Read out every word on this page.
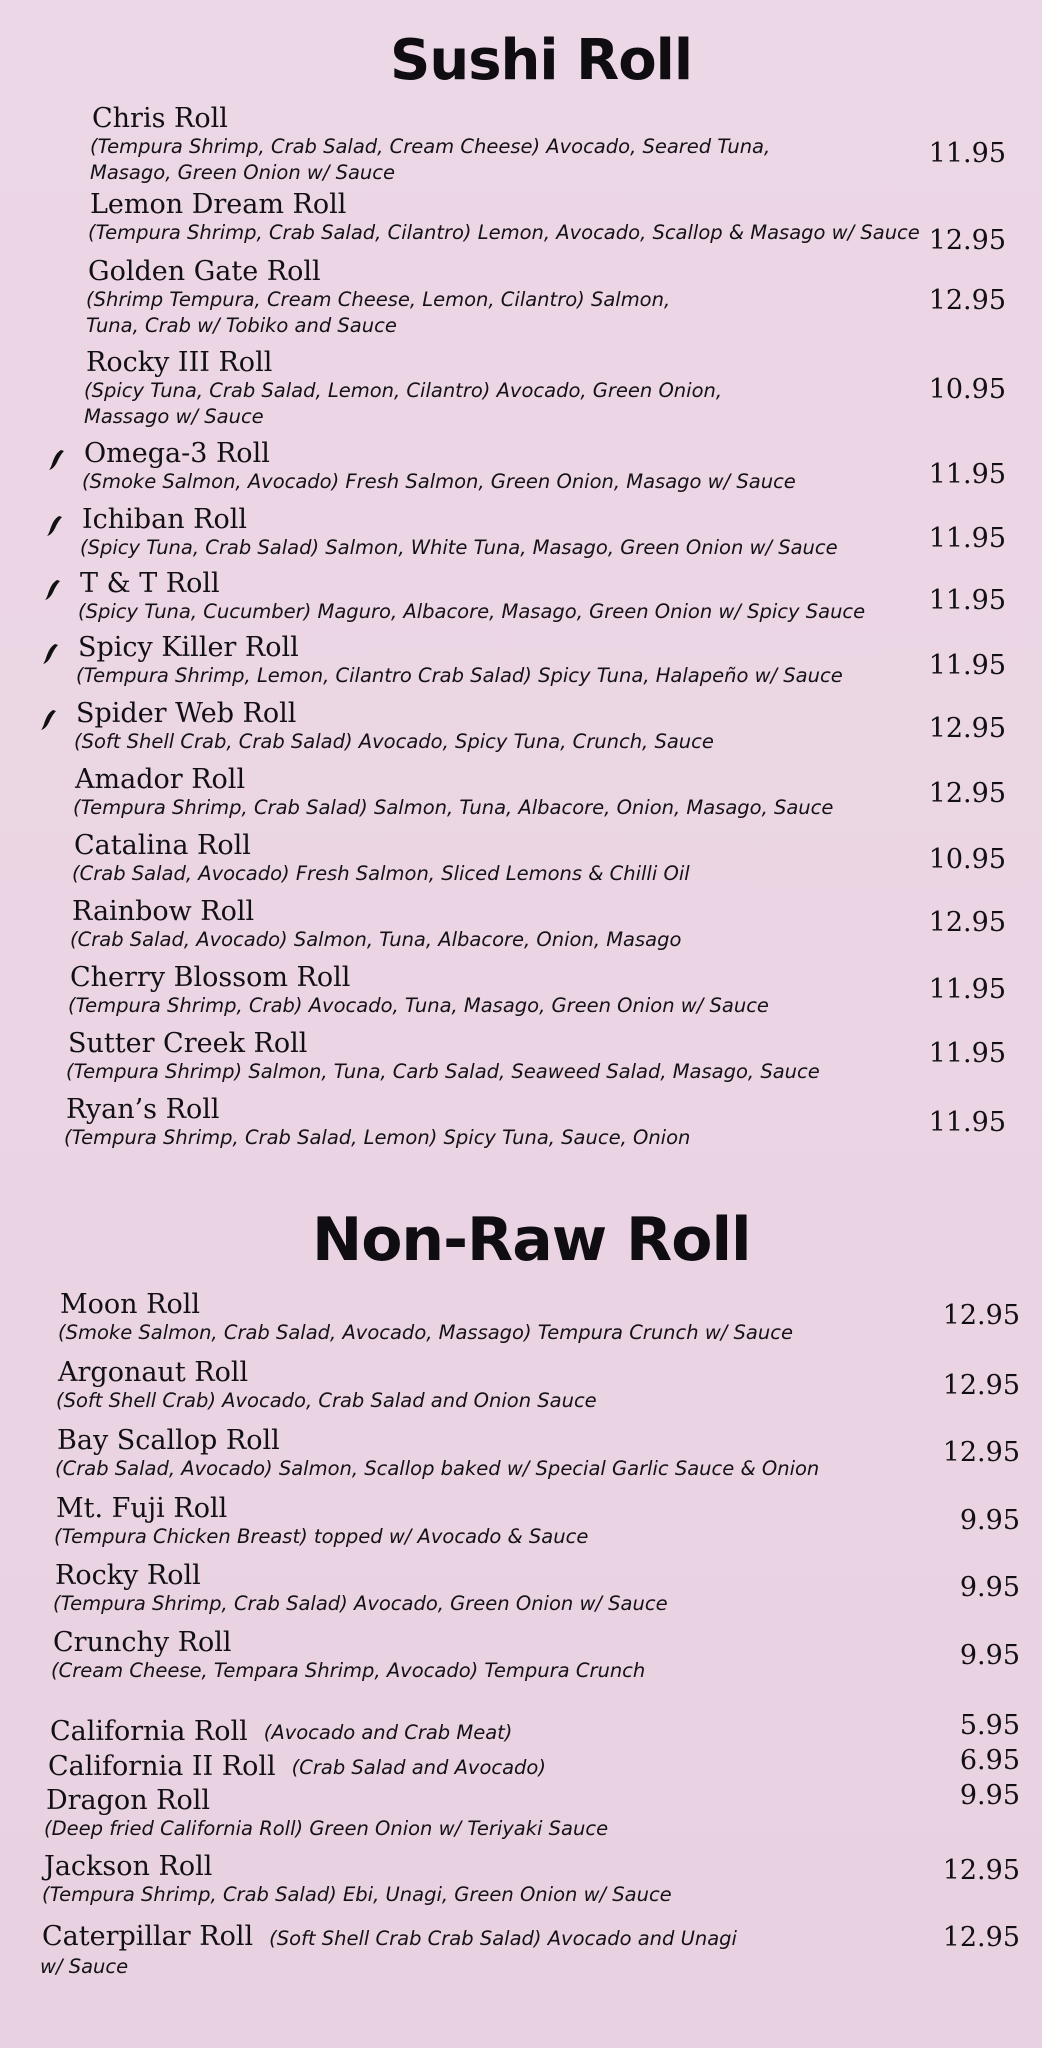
Sushi Roll
Chris Roll
(Tempura Shrimp, Crab Salad, Cream Cheese) Avocado, Seared Tuna, Masago, Green Onion w/ Sauce
11.95
Lemon Dream Roll
(Tempura Shrimp, Crab Salad, Cilantro) Lemon, Avocado, Scallop & Masago w/ Sauce 12.95
Golden Gate Roll
(Shrimp Tempura, Cream Cheese, Lemon, Cilantro) Salmon, Tuna, Crab w/ Tobiko and Sauce
12.95
Rocky III Roll
(Spicy Tuna, Crab Salad, Lemon, Cilantro) Avocado, Green Onion, Massago w/ Sauce
10.95
Omega-3 Roll
(Smoke Salmon, Avocado) Fresh Salmon, Green Onion, Masago w/ Sauce	11.95
Ichiban Roll
(Spicy Tuna, Crab Salad) Salmon, White Tuna, Masago, Green Onion w/ Sauce	11.95
T & T Roll
(Spicy Tuna, Cucumber) Maguro, Albacore, Masago, Green Onion w/ Spicy Sauce	11.95
Spicy Killer Roll
(Tempura Shrimp, Lemon, Cilantro Crab Salad) Spicy Tuna, Halapeño w/ Sauce	11.95
Spider Web Roll
(Soft Shell Crab, Crab Salad) Avocado, Spicy Tuna, Crunch, Sauce	12.95
Amador Roll
(Tempura Shrimp, Crab Salad) Salmon, Tuna, Albacore, Onion, Masago, Sauce	12.95
Catalina Roll
(Crab Salad, Avocado) Fresh Salmon, Sliced Lemons & Chilli Oil	10.95
Rainbow Roll
(Crab Salad, Avocado) Salmon, Tuna, Albacore, Onion, Masago
12.95
Cherry Blossom Roll
(Tempura Shrimp, Crab) Avocado, Tuna, Masago, Green Onion w/ Sauce
11.95
Sutter Creek Roll
(Tempura Shrimp) Salmon, Tuna, Carb Salad, Seaweed Salad, Masago, Sauce
11.95
Ryan’s Roll
(Tempura Shrimp, Crab Salad, Lemon) Spicy Tuna, Sauce, Onion	11.95
Non-Raw Roll
Moon Roll
(Smoke Salmon, Crab Salad, Avocado, Massago) Tempura Crunch w/ Sauce
12.95
Argonaut Roll
(Soft Shell Crab) Avocado, Crab Salad and Onion Sauce	12.95
Bay Scallop Roll
(Crab Salad, Avocado) Salmon, Scallop baked w/ Special Garlic Sauce & Onion
12.95
Mt. Fuji Roll
(Tempura Chicken Breast) topped w/ Avocado & Sauce
9.95
Rocky Roll
(Tempura Shrimp, Crab Salad) Avocado, Green Onion w/ Sauce
9.95
Crunchy Roll
(Cream Cheese, Tempara Shrimp, Avocado) Tempura Crunch	9.95
California Roll (Avocado and Crab Meat)	5.95
California II Roll (Crab Salad and Avocado)	6.95
Dragon Roll
(Deep fried California Roll) Green Onion w/ Teriyaki Sauce
9.95
Jackson Roll
(Tempura Shrimp, Crab Salad) Ebi, Unagi, Green Onion w/ Sauce
12.95
Caterpillar Roll (Soft Shell Crab Crab Salad) Avocado and Unagi w/ Sauce
12.95
